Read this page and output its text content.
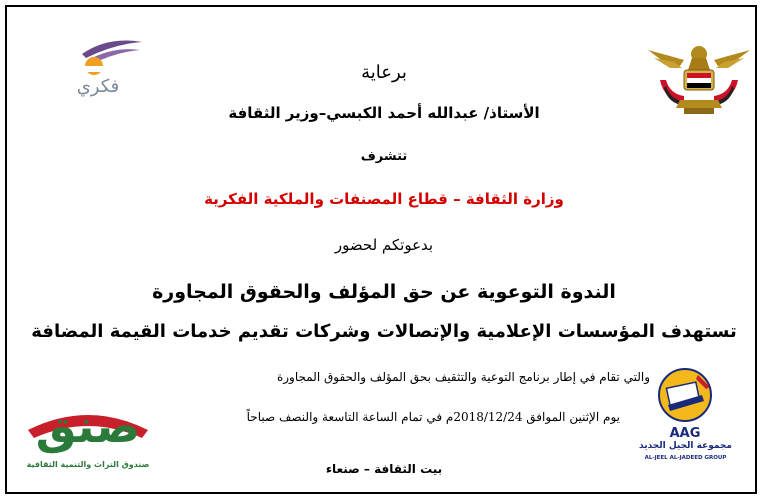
فكري
برعاية
الأستاذ/ عبدالله أحمد الكبسي–وزير الثقافة
تتشرف
وزارة الثقافة – قطاع المصنفات والملكية الفكرية
بدعوتكم لحضور
الندوة التوعوية عن حق المؤلف والحقوق المجاورة
تستهدف المؤسسات الإعلامية والإتصالات وشركات تقديم خدمات القيمة المضافة
والتي تقام في إطار برنامج التوعية والتثقيف بحق المؤلف والحقوق المجاورة
يوم الإثنين الموافق 2018/12/24م في تمام الساعة التاسعة والنصف صباحاً
بيت الثقافة – صنعاء
AAG
مجموعة الجيل الجديد
AL-JEEL AL-JADEED GROUP
صنق
صندوق التراث والتنمية الثقافية
